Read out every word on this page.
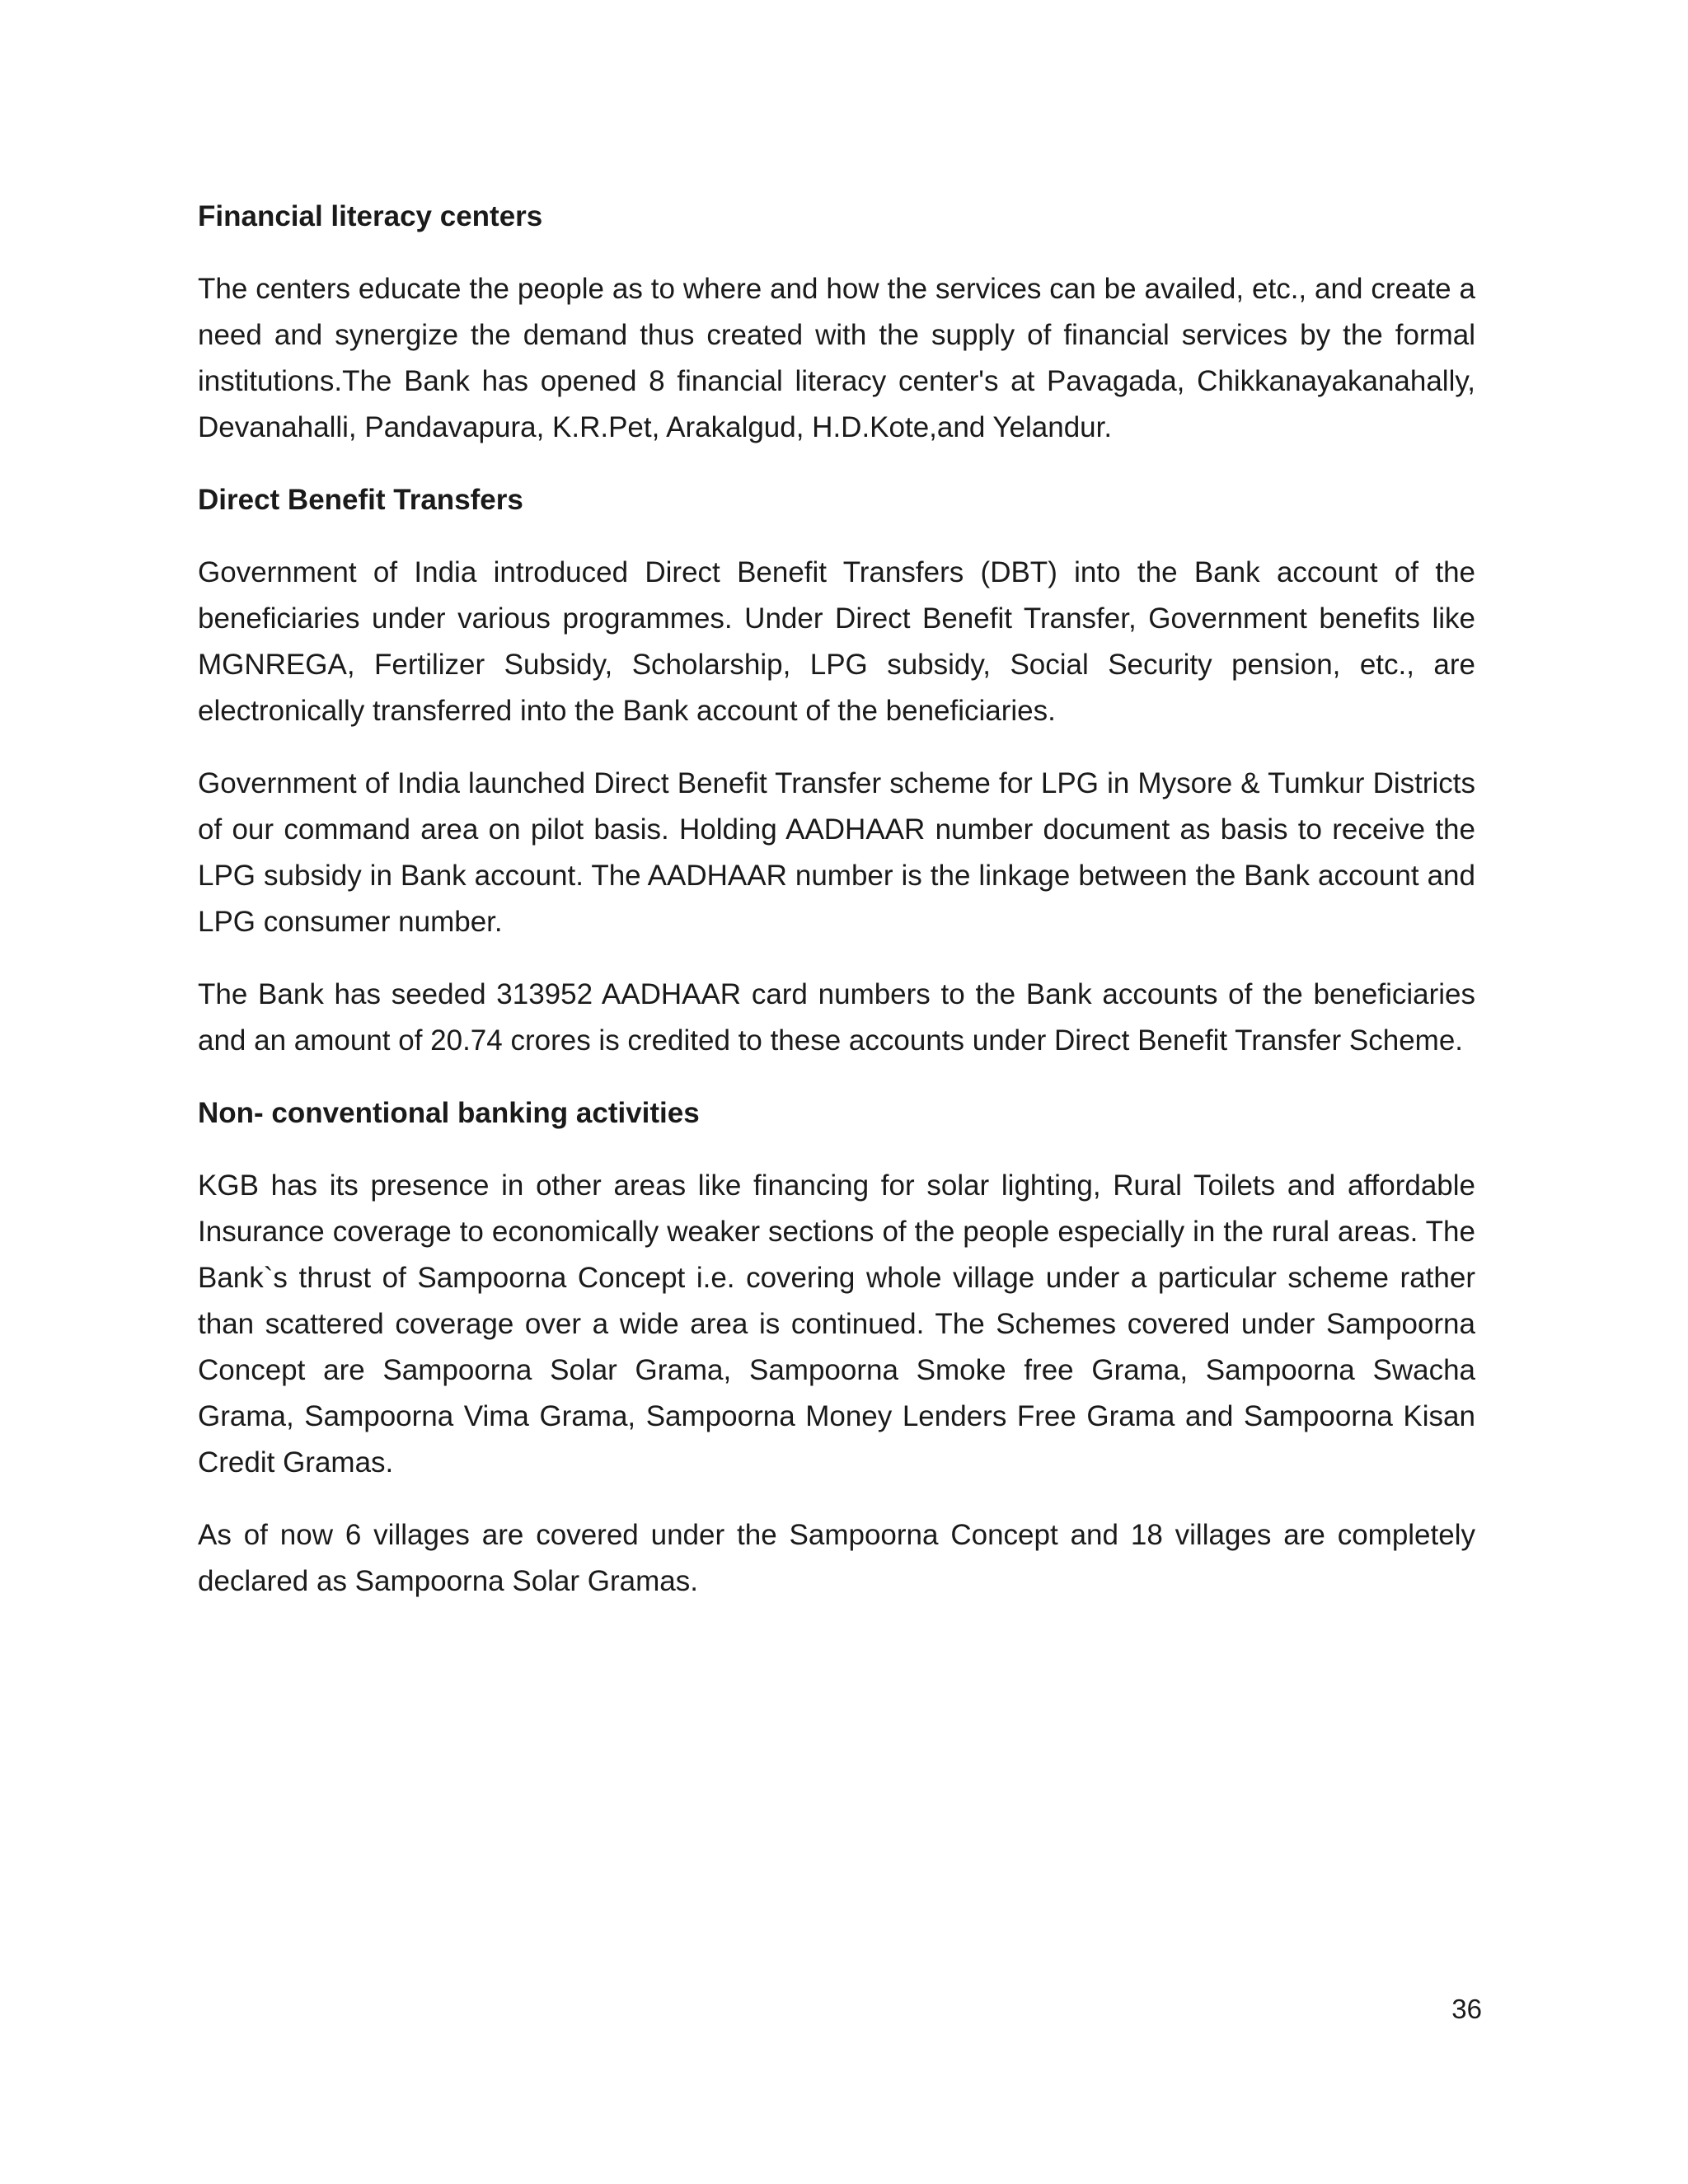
Financial literacy centers

The centers educate the people as to where and how the services can be availed, etc., and create a need and synergize the demand thus created with the supply of financial services by the formal institutions.The Bank has opened 8 financial literacy center's at Pavagada, Chikkanayakanahally, Devanahalli, Pandavapura, K.R.Pet, Arakalgud, H.D.Kote,and Yelandur.

Direct Benefit Transfers

Government of India introduced Direct Benefit Transfers (DBT) into the Bank account of the beneficiaries under various programmes. Under Direct Benefit Transfer, Government benefits like MGNREGA, Fertilizer Subsidy, Scholarship, LPG subsidy, Social Security pension, etc., are electronically transferred into the Bank account of the beneficiaries.

Government of India launched Direct Benefit Transfer scheme for LPG in Mysore & Tumkur Districts of our command area on pilot basis. Holding AADHAAR number document as basis to receive the LPG subsidy in Bank account. The AADHAAR number is the linkage between the Bank account and LPG consumer number.

The Bank has seeded 313952 AADHAAR card numbers to the Bank accounts of the beneficiaries and an amount of 20.74 crores is credited to these accounts under Direct Benefit Transfer Scheme.

Non- conventional banking activities

KGB has its presence in other areas like financing for solar lighting, Rural Toilets and affordable Insurance coverage to economically weaker sections of the people especially in the rural areas. The Bank`s thrust of Sampoorna Concept i.e. covering whole village under a particular scheme rather than scattered coverage over a wide area is continued. The Schemes covered under Sampoorna Concept are Sampoorna Solar Grama, Sampoorna Smoke free Grama, Sampoorna Swacha Grama, Sampoorna Vima Grama, Sampoorna Money Lenders Free Grama and Sampoorna Kisan Credit Gramas.

As of now 6 villages are covered under the Sampoorna Concept and 18 villages are completely declared as Sampoorna Solar Gramas.

36
